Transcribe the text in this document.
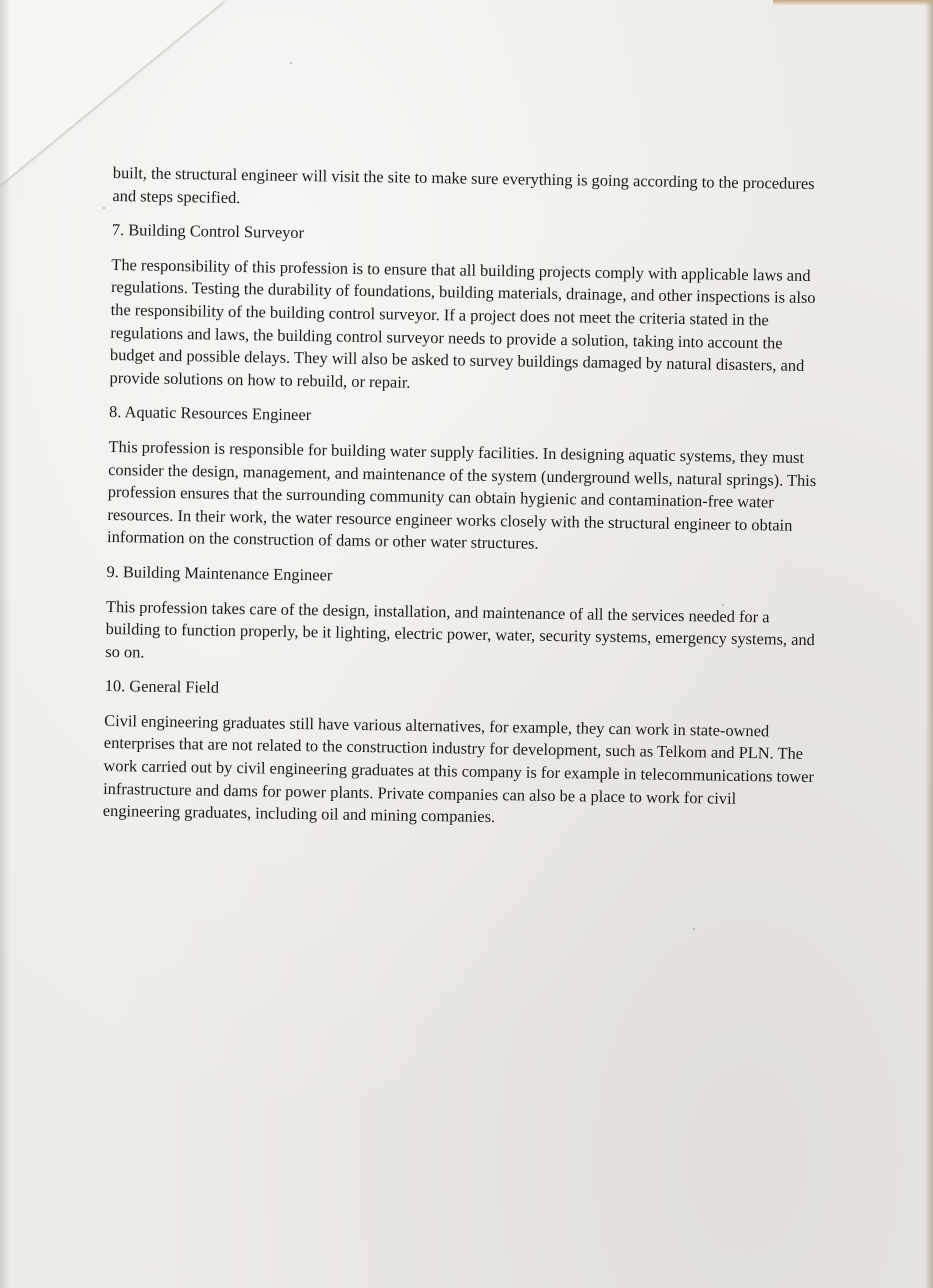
built, the structural engineer will visit the site to make sure everything is going according to the procedures and steps specified.

7. Building Control Surveyor

The responsibility of this profession is to ensure that all building projects comply with applicable laws and regulations. Testing the durability of foundations, building materials, drainage, and other inspections is also the responsibility of the building control surveyor. If a project does not meet the criteria stated in the regulations and laws, the building control surveyor needs to provide a solution, taking into account the budget and possible delays. They will also be asked to survey buildings damaged by natural disasters, and provide solutions on how to rebuild, or repair.

8. Aquatic Resources Engineer

This profession is responsible for building water supply facilities. In designing aquatic systems, they must consider the design, management, and maintenance of the system (underground wells, natural springs). This profession ensures that the surrounding community can obtain hygienic and contamination-free water resources. In their work, the water resource engineer works closely with the structural engineer to obtain information on the construction of dams or other water structures.

9. Building Maintenance Engineer

This profession takes care of the design, installation, and maintenance of all the services needed for a building to function properly, be it lighting, electric power, water, security systems, emergency systems, and so on.

10. General Field

Civil engineering graduates still have various alternatives, for example, they can work in state-owned enterprises that are not related to the construction industry for development, such as Telkom and PLN. The work carried out by civil engineering graduates at this company is for example in telecommunications tower infrastructure and dams for power plants. Private companies can also be a place to work for civil engineering graduates, including oil and mining companies.
